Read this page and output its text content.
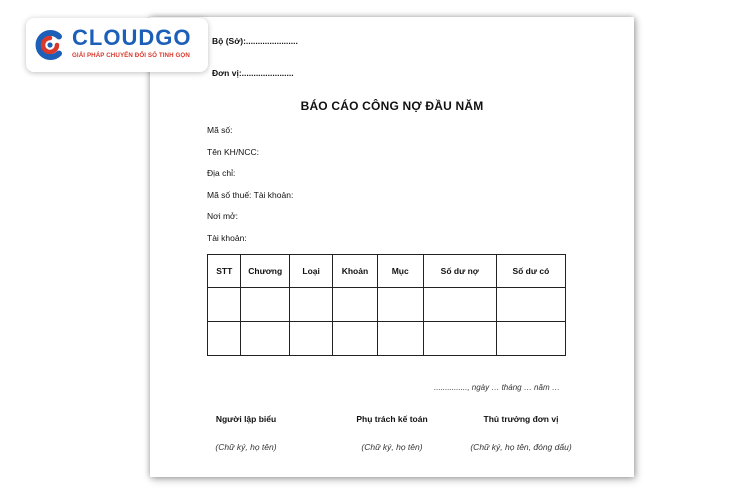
Bộ (Sở):......................
Đơn vị:......................
BÁO CÁO CÔNG NỢ ĐẦU NĂM
Mã số:
Tên KH/NCC:
Địa chỉ:
Mã số thuế: Tài khoản:
Nơi mở:
Tài khoản:
STT	Chương	Loại	Khoản	Mục	Số dư nợ	Số dư có

..............., ngày … tháng … năm …
Người lập biểu
(Chữ ký, họ tên)
Phụ trách kế toán
(Chữ ký, họ tên)
Thủ trưởng đơn vị
(Chữ ký, họ tên, đóng dấu)
CLOUDGO
GIẢI PHÁP CHUYỂN ĐỔI SỐ TINH GỌN
